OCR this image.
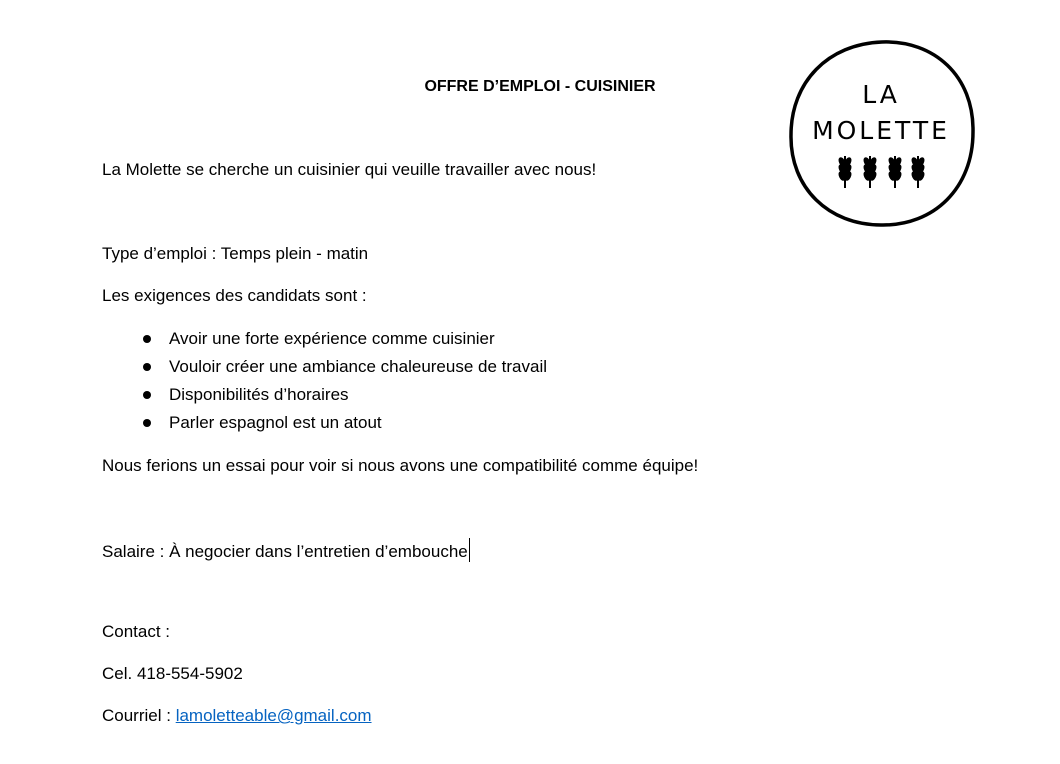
OFFRE D’EMPLOI - CUISINIER
La Molette se cherche un cuisinier qui veuille travailler avec nous!
Type d’emploi : Temps plein - matin
Les exigences des candidats sont :
Avoir une forte expérience comme cuisinier
Vouloir créer une ambiance chaleureuse de travail
Disponibilités d’horaires
Parler espagnol est un atout
Nous ferions un essai pour voir si nous avons une compatibilité comme équipe!
Salaire : À negocier dans l’entretien d’embouche
Contact :
Cel. 418-554-5902
Courriel : lamoletteable@gmail.com
LA
MOLETTE
